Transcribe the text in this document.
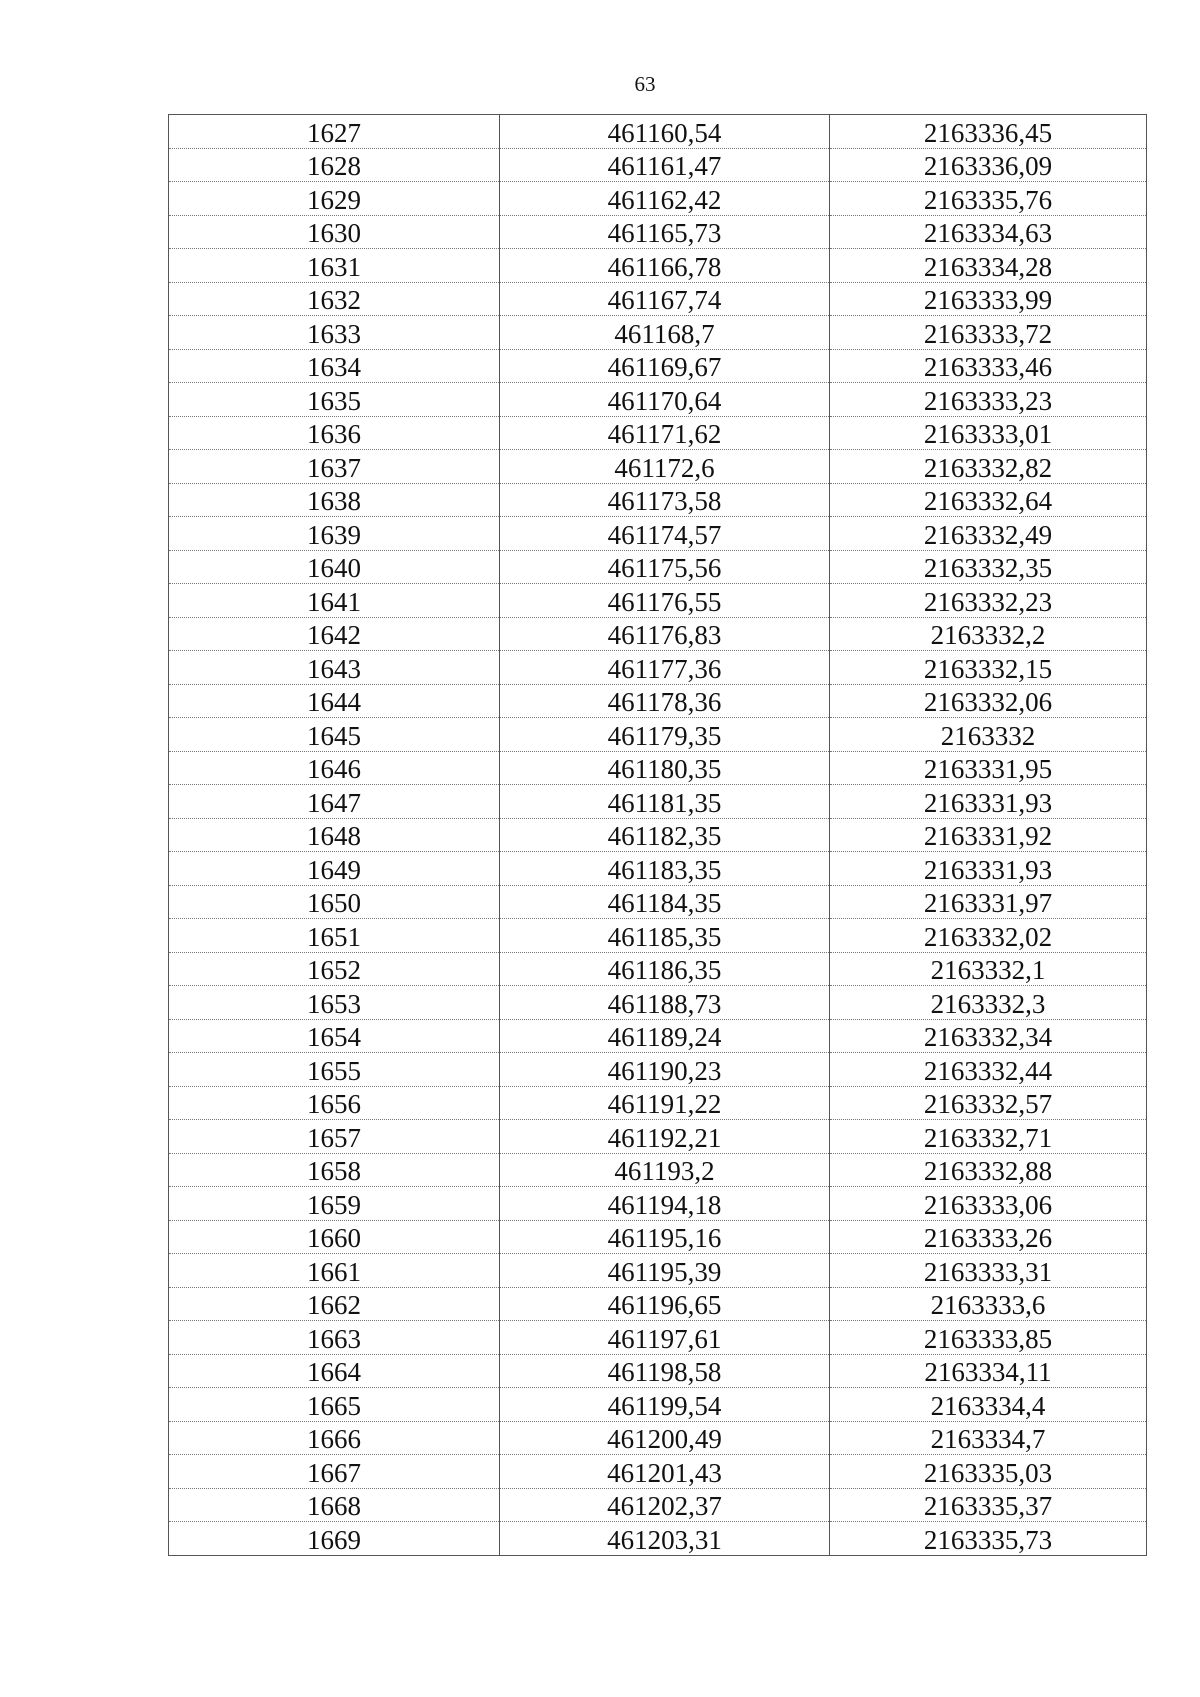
63
1627	461160,54	2163336,45
1628	461161,47	2163336,09
1629	461162,42	2163335,76
1630	461165,73	2163334,63
1631	461166,78	2163334,28
1632	461167,74	2163333,99
1633	461168,7	2163333,72
1634	461169,67	2163333,46
1635	461170,64	2163333,23
1636	461171,62	2163333,01
1637	461172,6	2163332,82
1638	461173,58	2163332,64
1639	461174,57	2163332,49
1640	461175,56	2163332,35
1641	461176,55	2163332,23
1642	461176,83	2163332,2
1643	461177,36	2163332,15
1644	461178,36	2163332,06
1645	461179,35	2163332
1646	461180,35	2163331,95
1647	461181,35	2163331,93
1648	461182,35	2163331,92
1649	461183,35	2163331,93
1650	461184,35	2163331,97
1651	461185,35	2163332,02
1652	461186,35	2163332,1
1653	461188,73	2163332,3
1654	461189,24	2163332,34
1655	461190,23	2163332,44
1656	461191,22	2163332,57
1657	461192,21	2163332,71
1658	461193,2	2163332,88
1659	461194,18	2163333,06
1660	461195,16	2163333,26
1661	461195,39	2163333,31
1662	461196,65	2163333,6
1663	461197,61	2163333,85
1664	461198,58	2163334,11
1665	461199,54	2163334,4
1666	461200,49	2163334,7
1667	461201,43	2163335,03
1668	461202,37	2163335,37
1669	461203,31	2163335,73
